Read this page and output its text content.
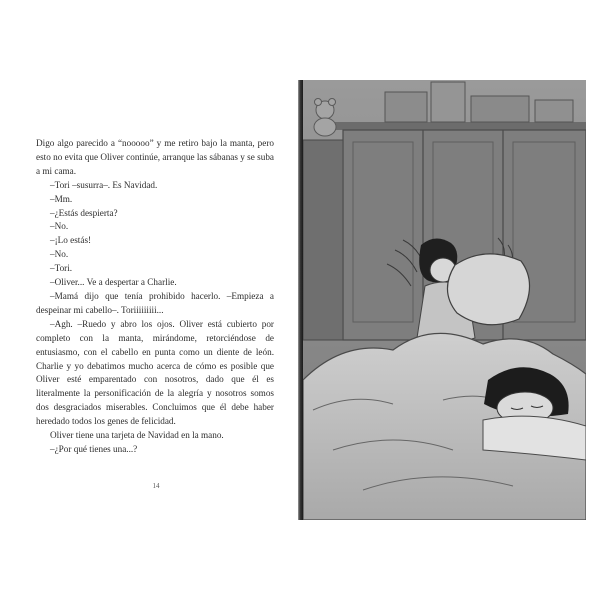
Digo algo parecido a “nooooo” y me retiro bajo la manta, pero esto no evita que Oliver continúe, arranque las sábanas y se suba a mi cama.

–Tori –susurra–. Es Navidad.

–Mm.

–¿Estás despierta?

–No.

–¡Lo estás!

–No.

–Tori.

–Oliver... Ve a despertar a Charlie.

–Mamá dijo que tenía prohibido hacerlo. –Empieza a despeinar mi cabello–. Toriiiiiiiii...

–Agh. –Ruedo y abro los ojos. Oliver está cubierto por completo con la manta, mirándome, retorciéndose de entusiasmo, con el cabello en punta como un diente de león. Charlie y yo debatimos mucho acerca de cómo es posible que Oliver esté emparentado con nosotros, dado que él es literalmente la personificación de la alegría y nosotros somos dos desgraciados miserables. Concluimos que él debe haber heredado todos los genes de felicidad.

Oliver tiene una tarjeta de Navidad en la mano.

–¿Por qué tienes una...?

14
